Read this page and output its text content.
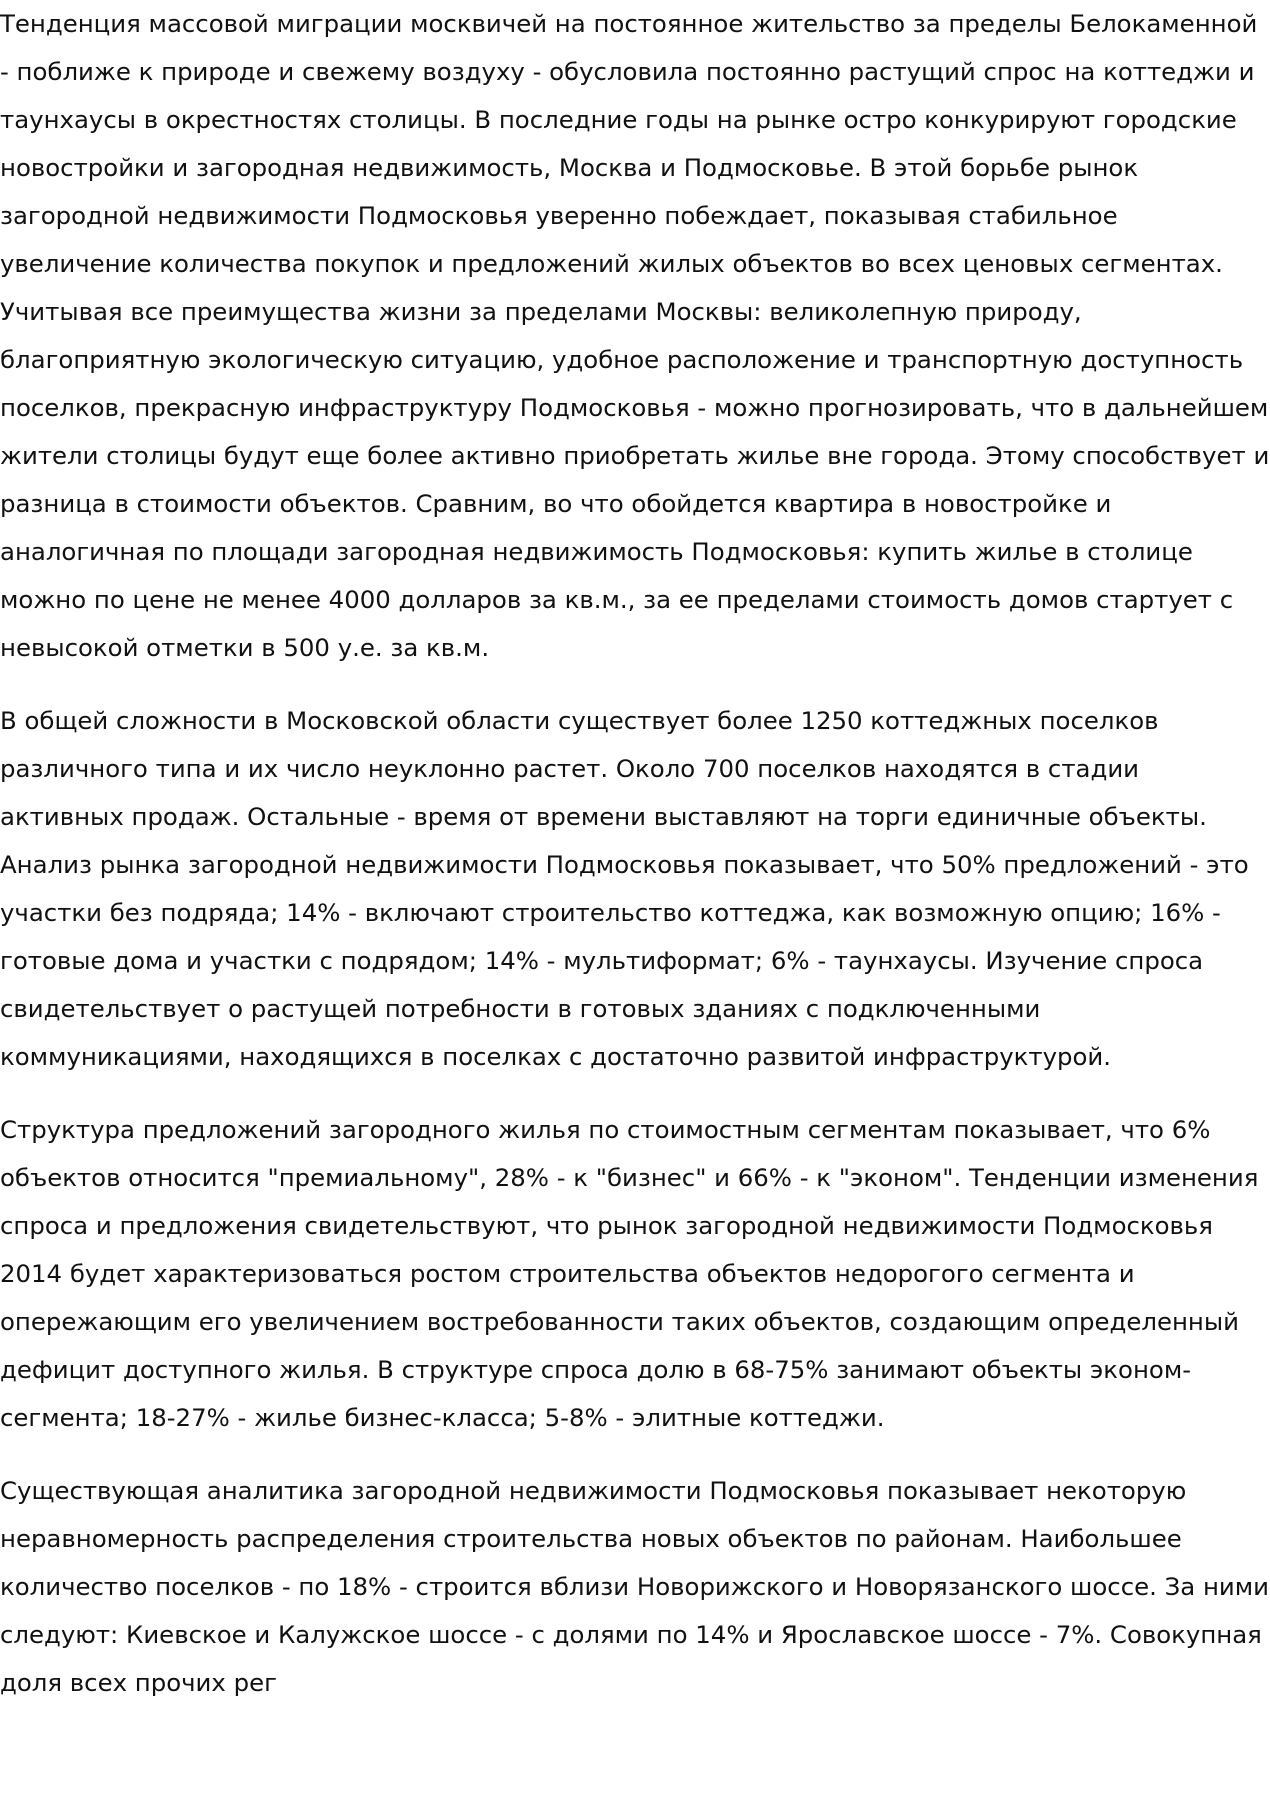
Тенденция массовой миграции москвичей на постоянное жительство за пределы Белокаменной - поближе к природе и свежему воздуху - обусловила постоянно растущий спрос на коттеджи и таунхаусы в окрестностях столицы. В последние годы на рынке остро конкурируют городские новостройки и загородная недвижимость, Москва и Подмосковье. В этой борьбе рынок загородной недвижимости Подмосковья уверенно побеждает, показывая стабильное увеличение количества покупок и предложений жилых объектов во всех ценовых сегментах. Учитывая все преимущества жизни за пределами Москвы: великолепную природу, благоприятную экологическую ситуацию, удобное расположение и транспортную доступность поселков, прекрасную инфраструктуру Подмосковья - можно прогнозировать, что в дальнейшем жители столицы будут еще более активно приобретать жилье вне города. Этому способствует и разница в стоимости объектов. Сравним, во что обойдется квартира в новостройке и аналогичная по площади загородная недвижимость Подмосковья: купить жилье в столице можно по цене не менее 4000 долларов за кв.м., за ее пределами стоимость домов стартует с невысокой отметки в 500 у.е. за кв.м.

В общей сложности в Московской области существует более 1250 коттеджных поселков различного типа и их число неуклонно растет. Около 700 поселков находятся в стадии активных продаж. Остальные - время от времени выставляют на торги единичные объекты. Анализ рынка загородной недвижимости Подмосковья показывает, что 50% предложений - это участки без подряда; 14% - включают строительство коттеджа, как возможную опцию; 16% - готовые дома и участки с подрядом; 14% - мультиформат; 6% - таунхаусы. Изучение спроса свидетельствует о растущей потребности в готовых зданиях с подключенными коммуникациями, находящихся в поселках с достаточно развитой инфраструктурой.

Структура предложений загородного жилья по стоимостным сегментам показывает, что 6% объектов относится "премиальному", 28% - к "бизнес" и 66% - к "эконом". Тенденции изменения спроса и предложения свидетельствуют, что рынок загородной недвижимости Подмосковья 2014 будет характеризоваться ростом строительства объектов недорогого сегмента и опережающим его увеличением востребованности таких объектов, создающим определенный дефицит доступного жилья. В структуре спроса долю в 68-75% занимают объекты эконом-сегмента; 18-27% - жилье бизнес-класса; 5-8% - элитные коттеджи.

Существующая аналитика загородной недвижимости Подмосковья показывает некоторую неравномерность распределения строительства новых объектов по районам. Наибольшее количество поселков - по 18% - строится вблизи Новорижского и Новорязанского шоссе. За ними следуют: Киевское и Калужское шоссе - с долями по 14% и Ярославское шоссе - 7%. Совокупная доля всех прочих рег
